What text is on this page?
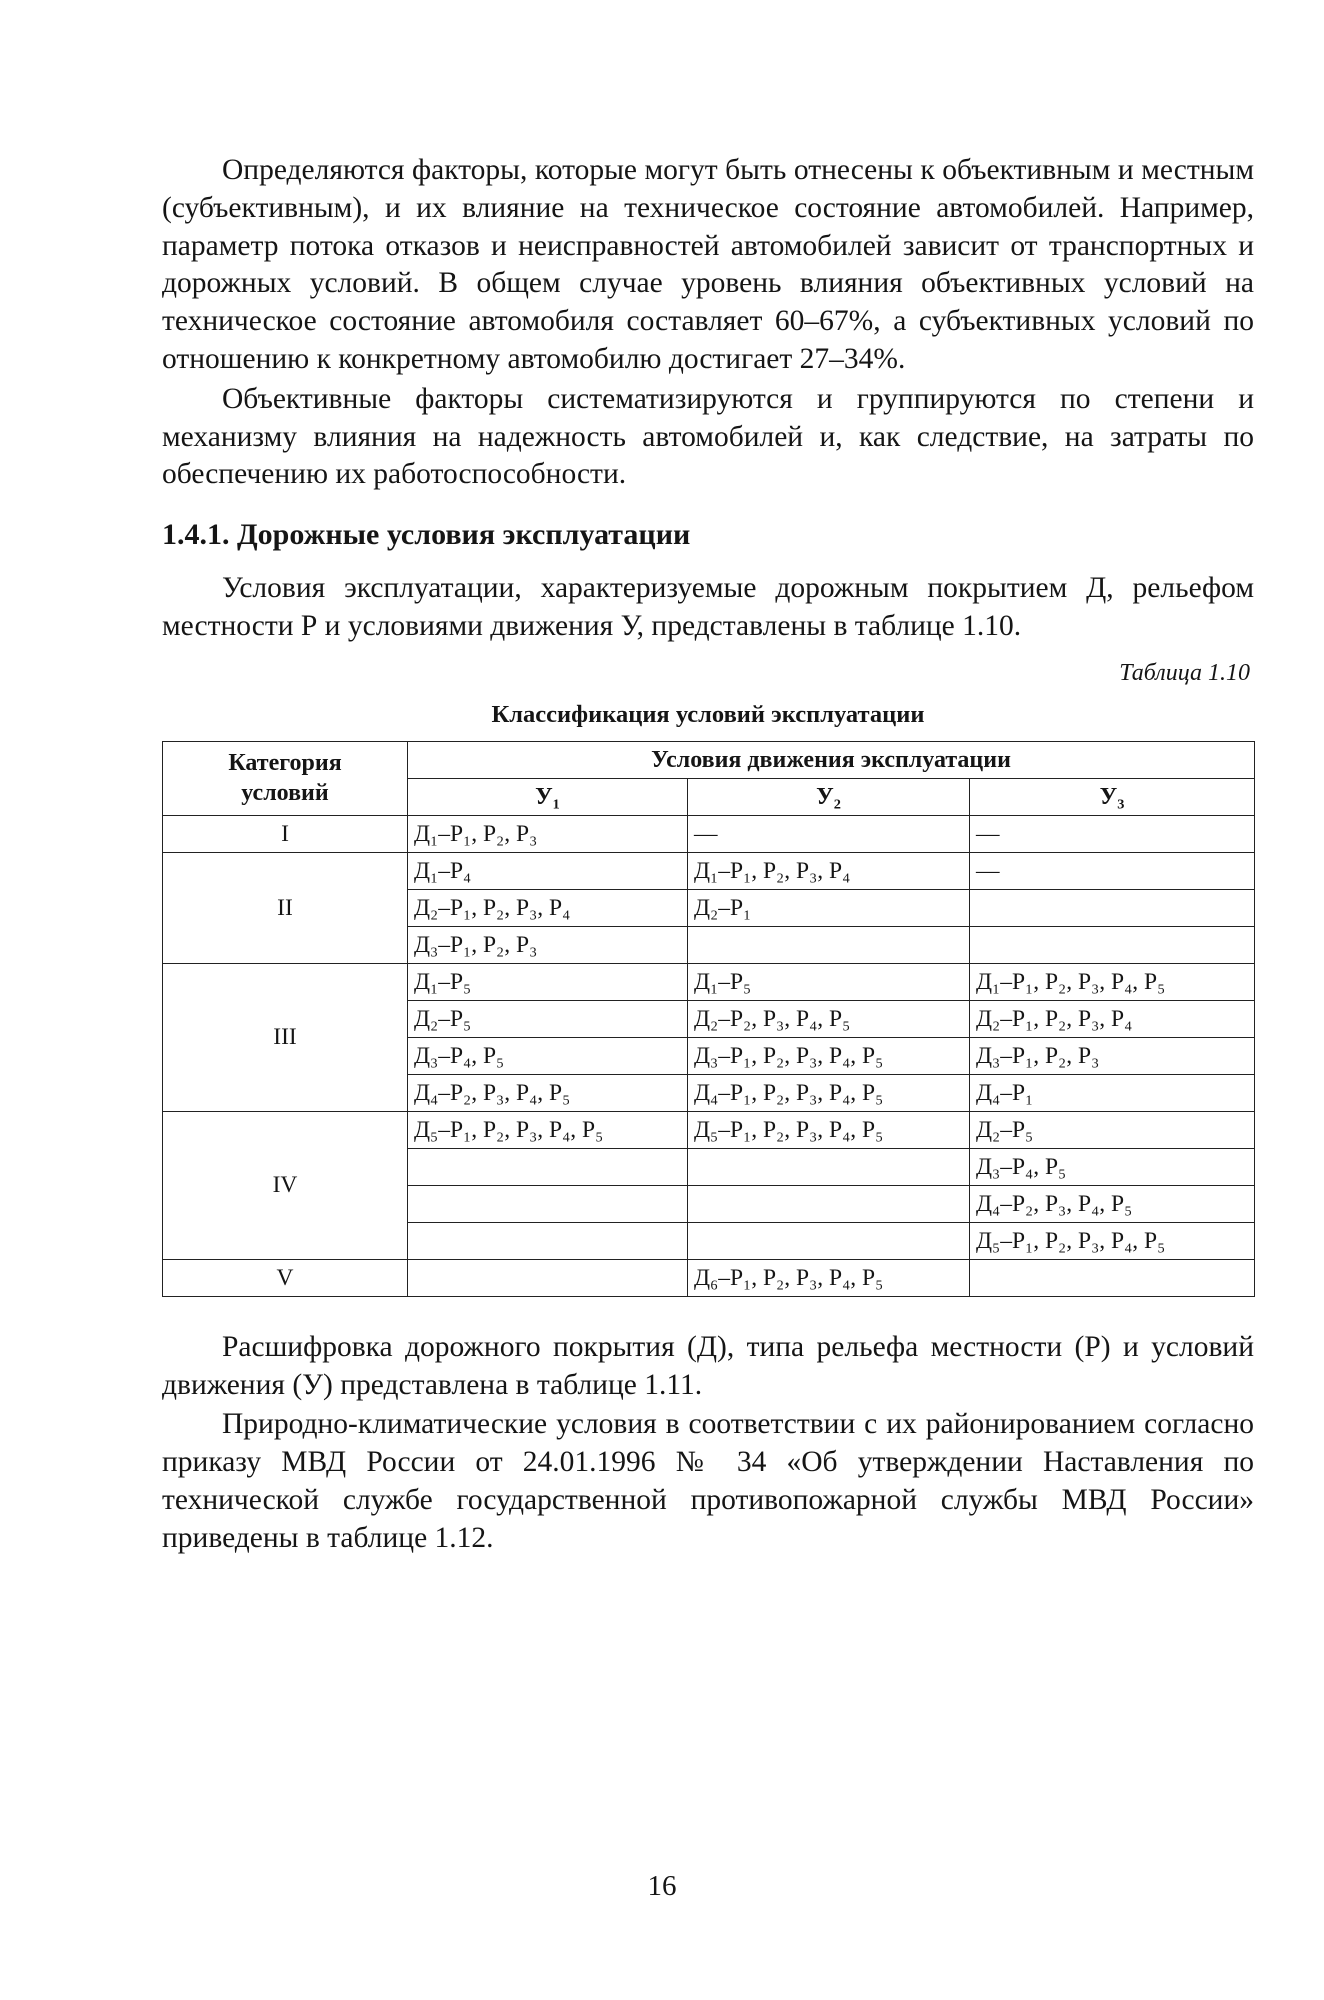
Определяются факторы, которые могут быть отнесены к объективным и местным (субъективным), и их влияние на техническое состояние автомобилей. Например, параметр потока отказов и неисправностей автомобилей зависит от транспортных и дорожных условий. В общем случае уровень влияния объективных условий на техническое состояние автомобиля составляет 60–67%, а субъективных условий по отношению к конкретному автомобилю достигает 27–34%.

Объективные факторы систематизируются и группируются по степени и механизму влияния на надежность автомобилей и, как следствие, на затраты по обеспечению их работоспособности.

1.4.1. Дорожные условия эксплуатации

Условия эксплуатации, характеризуемые дорожным покрытием Д, рельефом местности Р и условиями движения У, представлены в таблице 1.10.

Таблица 1.10
Классификация условий эксплуатации
Категория условий	Условия движения эксплуатации		
	У₁	У₂	У₃
I	Д₁–Р₁, Р₂, Р₃	—	—
II	Д₁–Р₄	Д₁–Р₁, Р₂, Р₃, Р₄	—
	Д₂–Р₁, Р₂, Р₃, Р₄	Д₂–Р₁	
	Д₃–Р₁, Р₂, Р₃		
III	Д₁–Р₅	Д₁–Р₅	Д₁–Р₁, Р₂, Р₃, Р₄, Р₅
	Д₂–Р₅	Д₂–Р₂, Р₃, Р₄, Р₅	Д₂–Р₁, Р₂, Р₃, Р₄
	Д₃–Р₄, Р₅	Д₃–Р₁, Р₂, Р₃, Р₄, Р₅	Д₃–Р₁, Р₂, Р₃
	Д₄–Р₂, Р₃, Р₄, Р₅	Д₄–Р₁, Р₂, Р₃, Р₄, Р₅	Д₄–Р₁
IV	Д₅–Р₁, Р₂, Р₃, Р₄, Р₅	Д₅–Р₁, Р₂, Р₃, Р₄, Р₅	Д₂–Р₅
			Д₃–Р₄, Р₅
			Д₄–Р₂, Р₃, Р₄, Р₅
			Д₅–Р₁, Р₂, Р₃, Р₄, Р₅
V		Д₆–Р₁, Р₂, Р₃, Р₄, Р₅	

Расшифровка дорожного покрытия (Д), типа рельефа местности (Р) и условий движения (У) представлена в таблице 1.11.

Природно-климатические условия в соответствии с их районированием согласно приказу МВД России от 24.01.1996 № 34 «Об утверждении Наставления по технической службе государственной противопожарной службы МВД России» приведены в таблице 1.12.

16
